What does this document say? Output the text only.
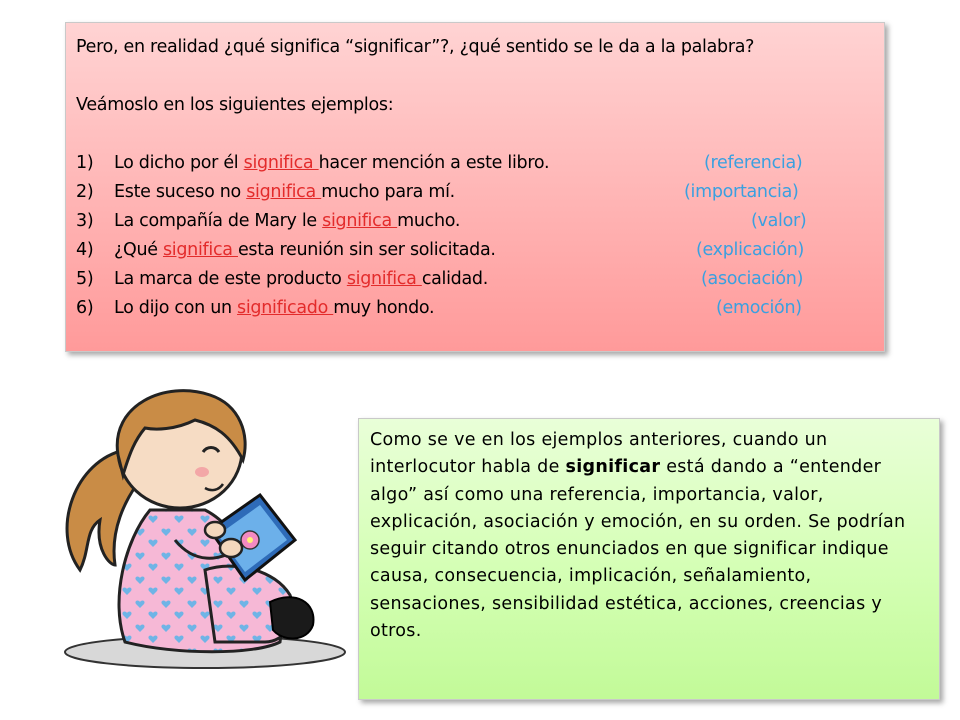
Pero, en realidad ¿qué significa “significar”?, ¿qué sentido se le da a la palabra?
Veámoslo en los siguientes ejemplos:
1) Lo dicho por él significa hacer mención a este libro.	(referencia)
2) Este suceso no significa mucho para mí.	(importancia)
3) La compañía de Mary le significa mucho.	(valor)
4) ¿Qué significa esta reunión sin ser solicitada.	(explicación)
5) La marca de este producto significa calidad.	(asociación)
6) Lo dijo con un significado muy hondo.	(emoción)
Como se ve en los ejemplos anteriores, cuando un interlocutor habla de significar está dando a “entender algo” así como una referencia, importancia, valor, explicación, asociación y emoción, en su orden. Se podrían seguir citando otros enunciados en que significar indique causa, consecuencia, implicación, señalamiento, sensaciones, sensibilidad estética, acciones, creencias y otros.
